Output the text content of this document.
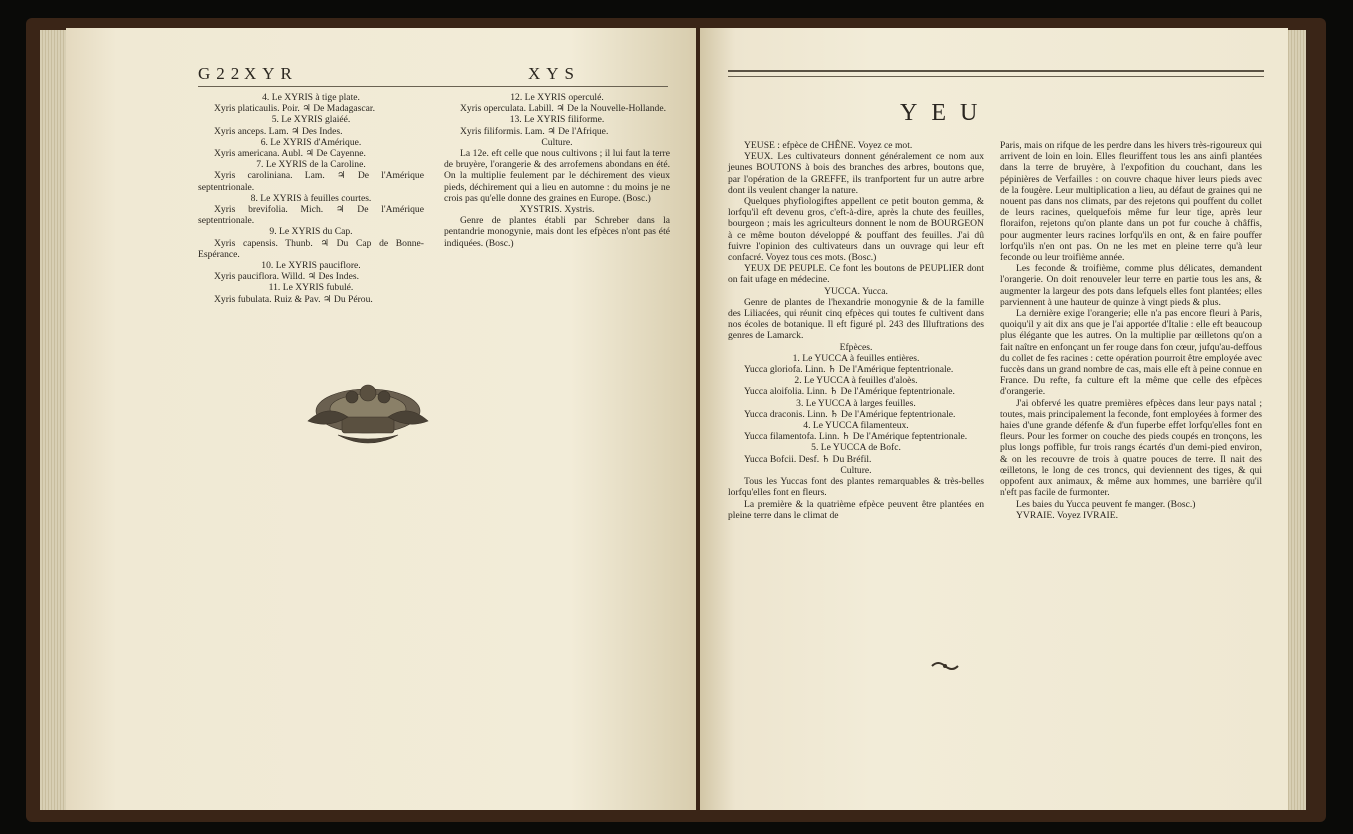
G22
XYR	XYS

4. Le XYRIS à tige plate.

Xyris platicaulis. Poir. ♃ De Madagascar.

5. Le XYRIS glaiéé.

Xyris anceps. Lam. ♃ Des Indes.

6. Le XYRIS d'Amérique.

Xyris americana. Aubl. ♃ De Cayenne.

7. Le XYRIS de la Caroline.

Xyris caroliniana. Lam. ♃ De l'Amérique septentrionale.

8. Le XYRIS à feuilles courtes.

Xyris brevifolia. Mich. ♃ De l'Amérique septentrionale.

9. Le XYRIS du Cap.

Xyris capensis. Thunb. ♃ Du Cap de Bonne-Espérance.

10. Le XYRIS pauciflore.

Xyris pauciflora. Willd. ♃ Des Indes.

11. Le XYRIS fubulé.

Xyris fubulata. Ruiz & Pav. ♃ Du Pérou.

12. Le XYRIS operculé.

Xyris operculata. Labill. ♃ De la Nouvelle-Hollande.

13. Le XYRIS filiforme.

Xyris filiformis. Lam. ♃ De l'Afrique.

Culture.

La 12e. eft celle que nous cultivons ; il lui faut la terre de bruyère, l'orangerie & des arrofemens abondans en été. On la multiplie feulement par le déchirement des vieux pieds, déchirement qui a lieu en automne : du moins je ne crois pas qu'elle donne des graines en Europe. (Bosc.)

XYSTRIS. Xystris.

Genre de plantes établi par Schreber dans la pentandrie monogynie, mais dont les efpèces n'ont pas été indiquées. (Bosc.)

YEU

YEUSE : efpèce de CHÊNE. Voyez ce mot.

YEUX. Les cultivateurs donnent généralement ce nom aux jeunes BOUTONS à bois des branches des arbres, boutons que, par l'opération de la GREFFE, ils tranfportent fur un autre arbre dont ils veulent changer la nature.

Quelques phyfiologiftes appellent ce petit bouton gemma, & lorfqu'il eft devenu gros, c'eft-à-dire, après la chute des feuilles, bourgeon ; mais les agriculteurs donnent le nom de BOURGEON à ce même bouton développé & pouffant des feuilles. J'ai dû fuivre l'opinion des cultivateurs dans un ouvrage qui leur eft confacré. Voyez tous ces mots. (Bosc.)

YEUX DE PEUPLE. Ce font les boutons de PEUPLIER dont on fait ufage en médecine.

YUCCA. Yucca.

Genre de plantes de l'hexandrie monogynie & de la famille des Liliacées, qui réunit cinq efpèces qui toutes fe cultivent dans nos écoles de botanique. Il eft figuré pl. 243 des Illuftrations des genres de Lamarck.

Efpèces.

1. Le YUCCA à feuilles entières.

Yucca gloriofa. Linn. ♄ De l'Amérique feptentrionale.

2. Le YUCCA à feuilles d'aloès.

Yucca aloifolia. Linn. ♄ De l'Amérique feptentrionale.

3. Le YUCCA à larges feuilles.

Yucca draconis. Linn. ♄ De l'Amérique feptentrionale.

4. Le YUCCA filamenteux.

Yucca filamentofa. Linn. ♄ De l'Amérique feptentrionale.

5. Le YUCCA de Bofc.

Yucca Bofcii. Desf. ♄ Du Bréfil.

Culture.

Tous les Yuccas font des plantes remarquables & très-belles lorfqu'elles font en fleurs.

La première & la quatrième efpèce peuvent être plantées en pleine terre dans le climat de

Paris, mais on rifque de les perdre dans les hivers très-rigoureux qui arrivent de loin en loin. Elles fleuriffent tous les ans ainfi plantées dans la terre de bruyère, à l'expofition du couchant, dans les pépinières de Verfailles : on couvre chaque hiver leurs pieds avec de la fougère. Leur multiplication a lieu, au défaut de graines qui ne nouent pas dans nos climats, par des rejetons qui pouffent du collet de leurs racines, quelquefois même fur leur tige, après leur floraifon, rejetons qu'on plante dans un pot fur couche à châffis, pour augmenter leurs racines lorfqu'ils en ont, & en faire pouffer lorfqu'ils n'en ont pas. On ne les met en pleine terre qu'à leur feconde ou leur troifième année.

Les feconde & troifième, comme plus délicates, demandent l'orangerie. On doit renouveler leur terre en partie tous les ans, & augmenter la largeur des pots dans lefquels elles font plantées; elles parviennent à une hauteur de quinze à vingt pieds & plus.

La dernière exige l'orangerie; elle n'a pas encore fleuri à Paris, quoiqu'il y ait dix ans que je l'ai apportée d'Italie : elle eft beaucoup plus élégante que les autres. On la multiplie par œilletons qu'on a fait naître en enfonçant un fer rouge dans fon cœur, jufqu'au-deffous du collet de fes racines : cette opération pourroit être employée avec fuccès dans un grand nombre de cas, mais elle eft à peine connue en France. Du refte, fa culture eft la même que celle des efpèces d'orangerie.

J'ai obfervé les quatre premières efpèces dans leur pays natal ; toutes, mais principalement la feconde, font employées à former des haies d'une grande défenfe & d'un fuperbe effet lorfqu'elles font en fleurs. Pour les former on couche des pieds coupés en tronçons, les plus longs poffible, fur trois rangs écartés d'un demi-pied environ, & on les recouvre de trois à quatre pouces de terre. Il nait des œilletons, le long de ces troncs, qui deviennent des tiges, & qui oppofent aux animaux, & même aux hommes, une barrière qu'il n'eft pas facile de furmonter.

Les baies du Yucca peuvent fe manger. (Bosc.)

YVRAIE. Voyez IVRAIE.
